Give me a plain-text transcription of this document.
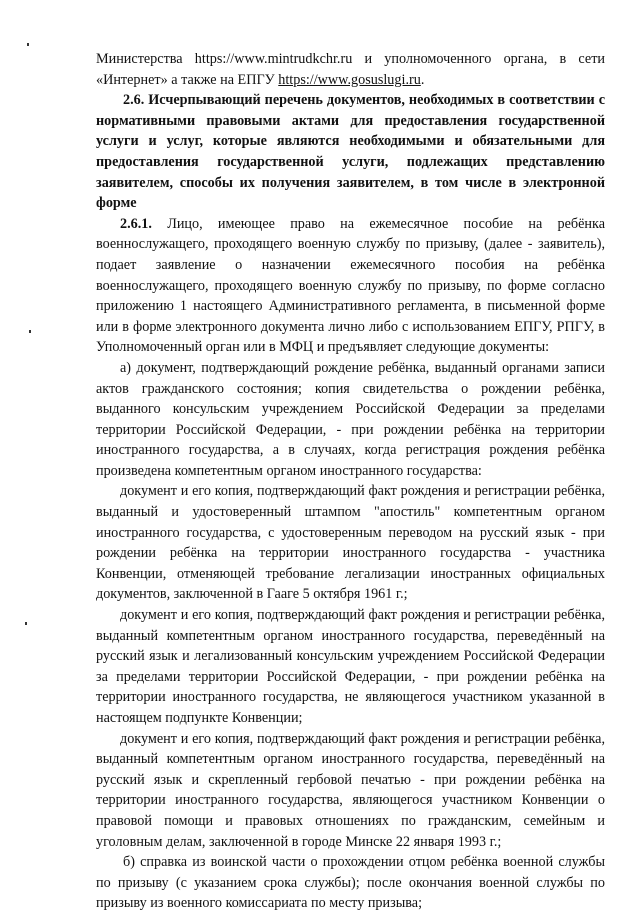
Министерства https://www.mintrudkchr.ru и уполномоченного органа, в сети «Интернет» а также на ЕПГУ https://www.gosuslugi.ru.

2.6. Исчерпывающий перечень документов, необходимых в соответствии с нормативными правовыми актами для предоставления государственной услуги и услуг, которые являются необходимыми и обязательными для предоставления государственной услуги, подлежащих представлению заявителем, способы их получения заявителем, в том числе в электронной форме

2.6.1. Лицо, имеющее право на ежемесячное пособие на ребёнка военнослужащего, проходящего военную службу по призыву, (далее - заявитель), подает заявление о назначении ежемесячного пособия на ребёнка военнослужащего, проходящего военную службу по призыву, по форме согласно приложению 1 настоящего Административного регламента, в письменной форме или в форме электронного документа лично либо с использованием ЕПГУ, РПГУ, в Уполномоченный орган или в МФЦ и предъявляет следующие документы:

а) документ, подтверждающий рождение ребёнка, выданный органами записи актов гражданского состояния; копия свидетельства о рождении ребёнка, выданного консульским учреждением Российской Федерации за пределами территории Российской Федерации, - при рождении ребёнка на территории иностранного государства, а в случаях, когда регистрация рождения ребёнка произведена компетентным органом иностранного государства:

документ и его копия, подтверждающий факт рождения и регистрации ребёнка, выданный и удостоверенный штампом "апостиль" компетентным органом иностранного государства, с удостоверенным переводом на русский язык - при рождении ребёнка на территории иностранного государства - участника Конвенции, отменяющей требование легализации иностранных официальных документов, заключенной в Гааге 5 октября 1961 г.;

документ и его копия, подтверждающий факт рождения и регистрации ребёнка, выданный компетентным органом иностранного государства, переведённый на русский язык и легализованный консульским учреждением Российской Федерации за пределами территории Российской Федерации, - при рождении ребёнка на территории иностранного государства, не являющегося участником указанной в настоящем подпункте Конвенции;

документ и его копия, подтверждающий факт рождения и регистрации ребёнка, выданный компетентным органом иностранного государства, переведённый на русский язык и скрепленный гербовой печатью - при рождении ребёнка на территории иностранного государства, являющегося участником Конвенции о правовой помощи и правовых отношениях по гражданским, семейным и уголовным делам, заключенной в городе Минске 22 января 1993 г.;

б) справка из воинской части о прохождении отцом ребёнка военной службы по призыву (с указанием срока службы); после окончания военной службы по призыву из военного комиссариата по месту призыва;
